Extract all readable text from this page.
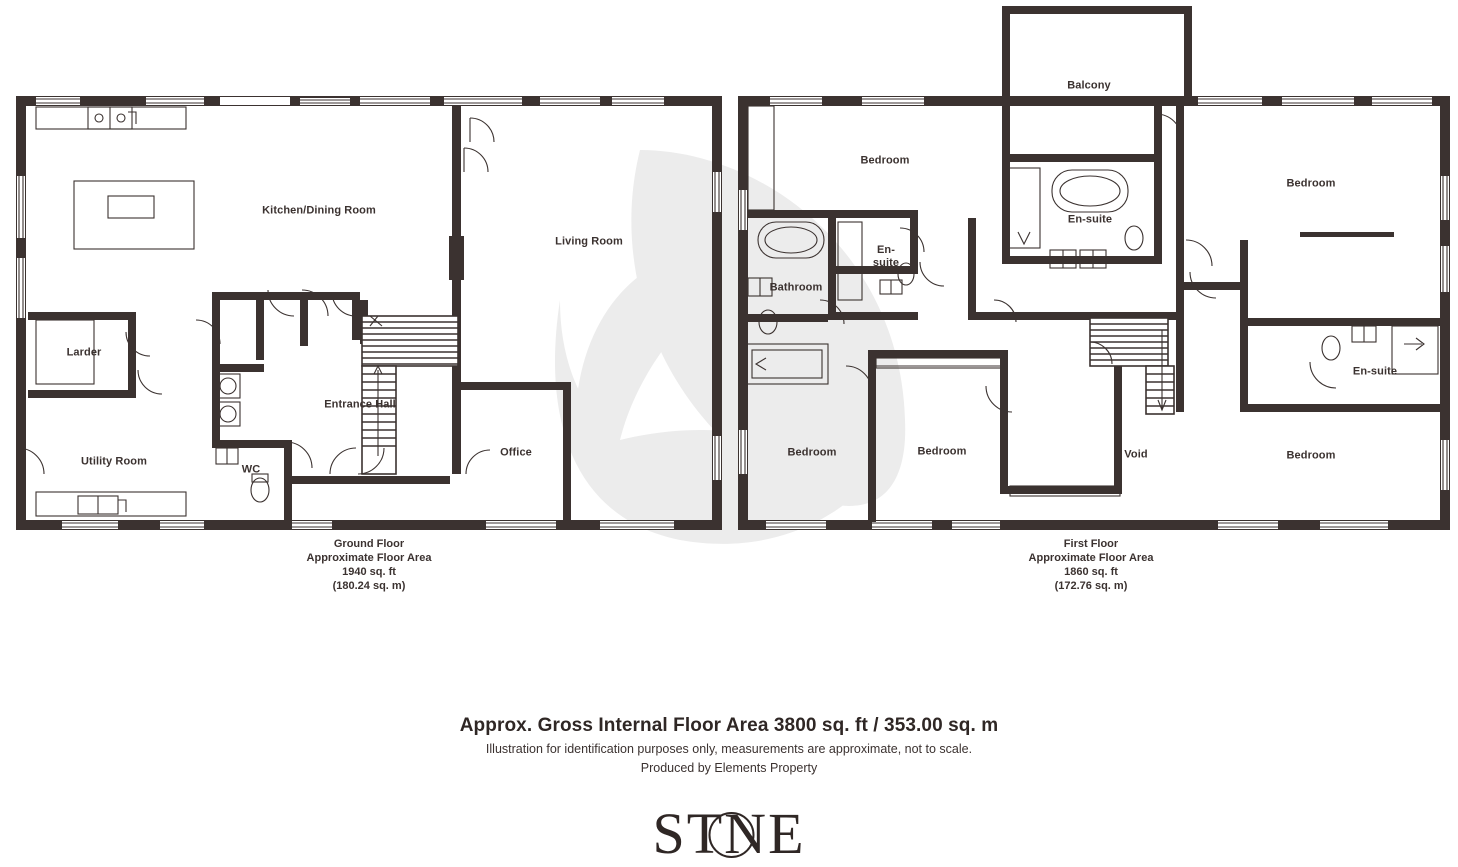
Kitchen/Dining Room
Living Room
Larder
Entrance Hall
Utility Room
WC
Office
Balcony
Bedroom
Bedroom
En-suite
En-
suite
Bathroom
En-suite
Bedroom	Bedroom	Void	Bedroom
Ground Floor
Approximate Floor Area
1940 sq. ft
(180.24 sq. m)
First Floor
Approximate Floor Area
1860 sq. ft
(172.76 sq. m)
Approx. Gross Internal Floor Area 3800 sq. ft / 353.00 sq. m
Illustration for identification purposes only, measurements are approximate, not to scale.
Produced by Elements Property
ST
NE
